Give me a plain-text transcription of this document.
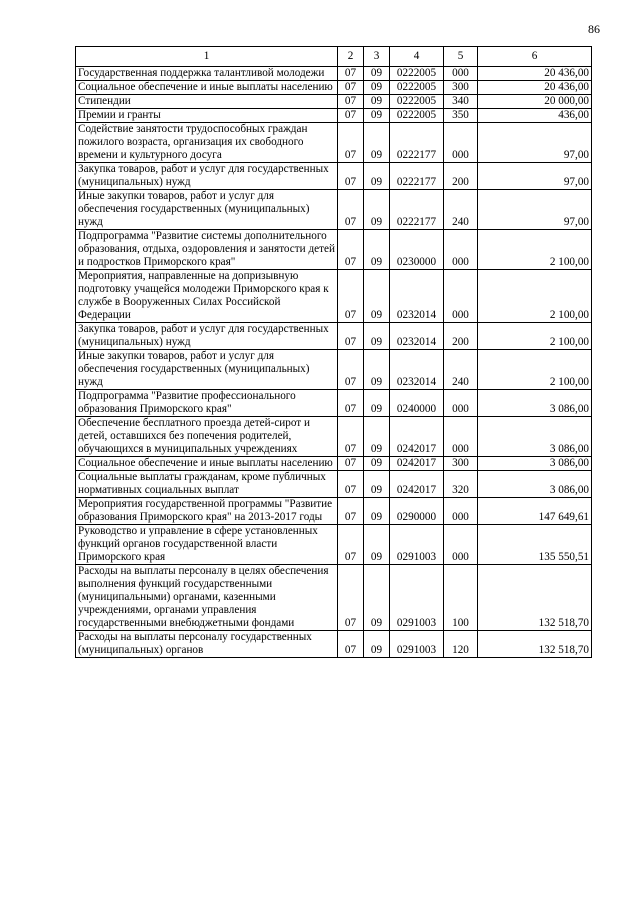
86
1	2	3	4	5	6
Государственная поддержка талантливой молодежи	07	09	0222005	000	20 436,00
Социальное обеспечение и иные выплаты населению	07	09	0222005	300	20 436,00
Стипендии	07	09	0222005	340	20 000,00
Премии и гранты	07	09	0222005	350	436,00
Содействие занятости трудоспособных граждан пожилого возраста, организация их свободного времени и культурного досуга	07	09	0222177	000	97,00
Закупка товаров, работ и услуг для государственных (муниципальных) нужд	07	09	0222177	200	97,00
Иные закупки товаров, работ и услуг для обеспечения государственных (муниципальных) нужд	07	09	0222177	240	97,00
Подпрограмма "Развитие системы дополнительного образования, отдыха, оздоровления и занятости детей и подростков Приморского края"	07	09	0230000	000	2 100,00
Мероприятия, направленные на допризывную подготовку учащейся молодежи Приморского края к службе в Вооруженных Силах Российской Федерации	07	09	0232014	000	2 100,00
Закупка товаров, работ и услуг для государственных (муниципальных) нужд	07	09	0232014	200	2 100,00
Иные закупки товаров, работ и услуг для обеспечения государственных (муниципальных) нужд	07	09	0232014	240	2 100,00
Подпрограмма "Развитие профессионального образования Приморского края"	07	09	0240000	000	3 086,00
Обеспечение бесплатного проезда детей-сирот и детей, оставшихся без попечения родителей, обучающихся в муниципальных учреждениях	07	09	0242017	000	3 086,00
Социальное обеспечение и иные выплаты населению	07	09	0242017	300	3 086,00
Социальные выплаты гражданам, кроме публичных нормативных социальных выплат	07	09	0242017	320	3 086,00
Мероприятия государственной программы "Развитие образования Приморского края" на 2013-2017 годы	07	09	0290000	000	147 649,61
Руководство и управление в сфере установленных функций органов государственной власти Приморского края	07	09	0291003	000	135 550,51
Расходы на выплаты персоналу в целях обеспечения выполнения функций государственными (муниципальными) органами, казенными учреждениями, органами управления государственными внебюджетными фондами	07	09	0291003	100	132 518,70
Расходы на выплаты персоналу государственных (муниципальных) органов	07	09	0291003	120	132 518,70
